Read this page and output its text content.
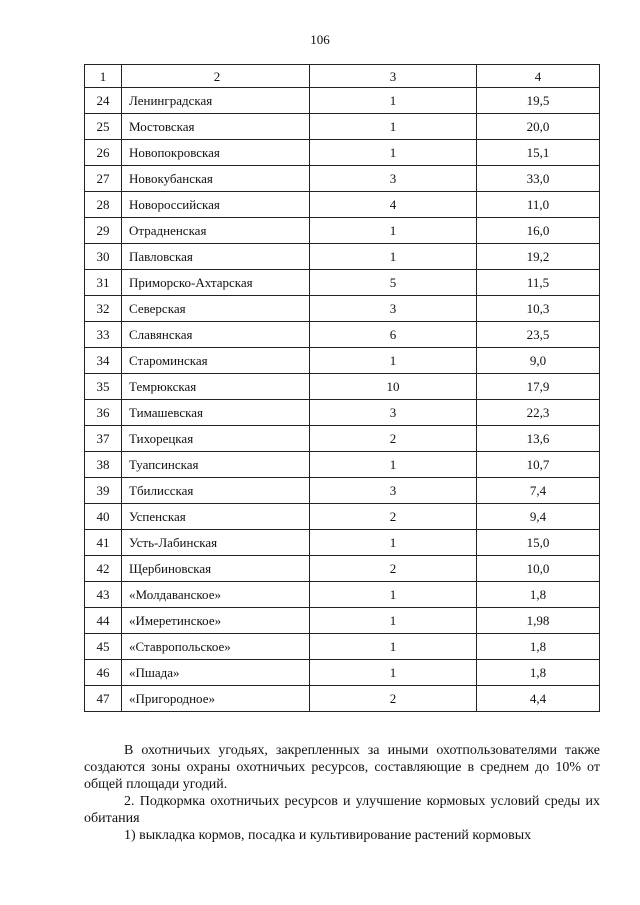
106
1	2	3	4
24	Ленинградская	1	19,5
25	Мостовская	1	20,0
26	Новопокровская	1	15,1
27	Новокубанская	3	33,0
28	Новороссийская	4	11,0
29	Отрадненская	1	16,0
30	Павловская	1	19,2
31	Приморско-Ахтарская	5	11,5
32	Северская	3	10,3
33	Славянская	6	23,5
34	Староминская	1	9,0
35	Темрюкская	10	17,9
36	Тимашевская	3	22,3
37	Тихорецкая	2	13,6
38	Туапсинская	1	10,7
39	Тбилисская	3	7,4
40	Успенская	2	9,4
41	Усть-Лабинская	1	15,0
42	Щербиновская	2	10,0
43	«Молдаванское»	1	1,8
44	«Имеретинское»	1	1,98
45	«Ставропольское»	1	1,8
46	«Пшада»	1	1,8
47	«Пригородное»	2	4,4

В охотничьих угодьях, закрепленных за иными охотпользователями также создаются зоны охраны охотничьих ресурсов, составляющие в среднем до 10% от общей площади угодий.

2. Подкормка охотничьих ресурсов и улучшение кормовых условий среды их обитания

1) выкладка кормов, посадка и культивирование растений кормовых
